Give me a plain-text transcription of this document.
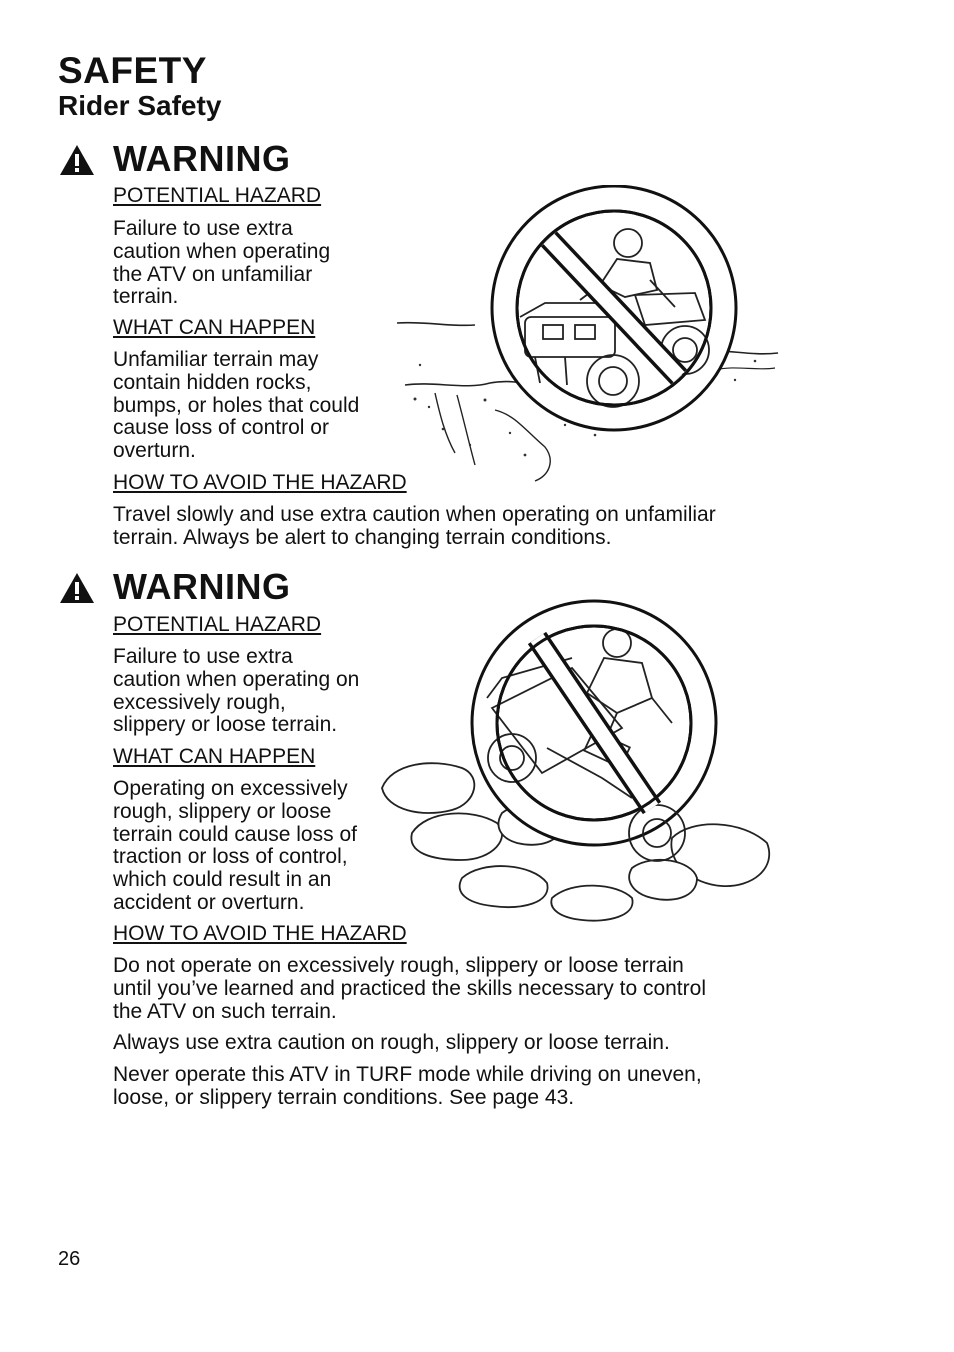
SAFETY
Rider Safety
WARNING
POTENTIAL HAZARD
Failure to use extra
caution when operating
the ATV on unfamiliar
terrain.
WHAT CAN HAPPEN
Unfamiliar terrain may
contain hidden rocks,
bumps, or holes that could
cause loss of control or
overturn.
HOW TO AVOID THE HAZARD
Travel slowly and use extra caution when operating on unfamiliar
terrain. Always be alert to changing terrain conditions.
WARNING
POTENTIAL HAZARD
Failure to use extra
caution when operating on
excessively rough,
slippery or loose terrain.
WHAT CAN HAPPEN
Operating on excessively
rough, slippery or loose
terrain could cause loss of
traction or loss of control,
which could result in an
accident or overturn.
HOW TO AVOID THE HAZARD
Do not operate on excessively rough, slippery or loose terrain
until you’ve learned and practiced the skills necessary to control
the ATV on such terrain.
Always use extra caution on rough, slippery or loose terrain.
Never operate this ATV in TURF mode while driving on uneven,
loose, or slippery terrain conditions. See page 43.
26
